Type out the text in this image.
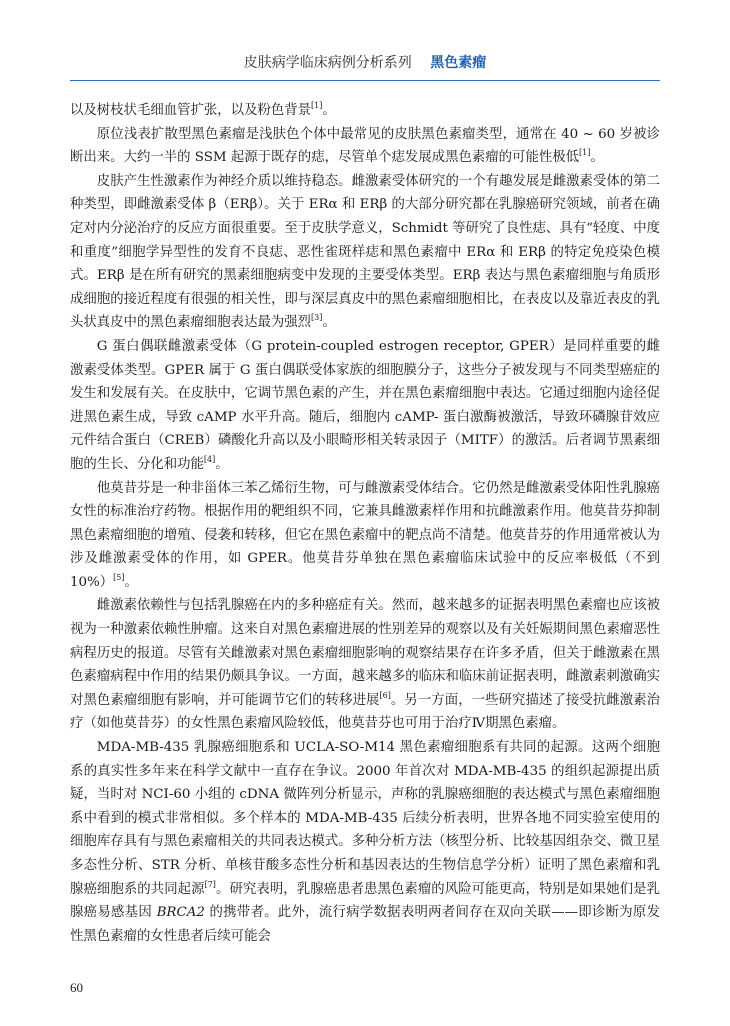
皮肤病学临床病例分析系列 黑色素瘤

以及树枝状毛细血管扩张，以及粉色背景[1]。

原位浅表扩散型黑色素瘤是浅肤色个体中最常见的皮肤黑色素瘤类型，通常在 40 ~ 60 岁被诊断出来。大约一半的 SSM 起源于既存的痣，尽管单个痣发展成黑色素瘤的可能性极低[1]。

皮肤产生性激素作为神经介质以维持稳态。雌激素受体研究的一个有趣发展是雌激素受体的第二种类型，即雌激素受体 β（ERβ）。关于 ERα 和 ERβ 的大部分研究都在乳腺癌研究领域，前者在确定对内分泌治疗的反应方面很重要。至于皮肤学意义，Schmidt 等研究了良性痣、具有“轻度、中度和重度”细胞学异型性的发育不良痣、恶性雀斑样痣和黑色素瘤中 ERα 和 ERβ 的特定免疫染色模式。ERβ 是在所有研究的黑素细胞病变中发现的主要受体类型。ERβ 表达与黑色素瘤细胞与角质形成细胞的接近程度有很强的相关性，即与深层真皮中的黑色素瘤细胞相比，在表皮以及靠近表皮的乳头状真皮中的黑色素瘤细胞表达最为强烈[3]。

G 蛋白偶联雌激素受体（G protein-coupled estrogen receptor, GPER）是同样重要的雌激素受体类型。GPER 属于 G 蛋白偶联受体家族的细胞膜分子，这些分子被发现与不同类型癌症的发生和发展有关。在皮肤中，它调节黑色素的产生，并在黑色素瘤细胞中表达。它通过细胞内途径促进黑色素生成，导致 cAMP 水平升高。随后，细胞内 cAMP- 蛋白激酶被激活，导致环磷腺苷效应元件结合蛋白（CREB）磷酸化升高以及小眼畸形相关转录因子（MITF）的激活。后者调节黑素细胞的生长、分化和功能[4]。

他莫昔芬是一种非甾体三苯乙烯衍生物，可与雌激素受体结合。它仍然是雌激素受体阳性乳腺癌女性的标准治疗药物。根据作用的靶组织不同，它兼具雌激素样作用和抗雌激素作用。他莫昔芬抑制黑色素瘤细胞的增殖、侵袭和转移，但它在黑色素瘤中的靶点尚不清楚。他莫昔芬的作用通常被认为涉及雌激素受体的作用，如 GPER。他莫昔芬单独在黑色素瘤临床试验中的反应率极低（不到 10%）[5]。

雌激素依赖性与包括乳腺癌在内的多种癌症有关。然而，越来越多的证据表明黑色素瘤也应该被视为一种激素依赖性肿瘤。这来自对黑色素瘤进展的性别差异的观察以及有关妊娠期间黑色素瘤恶性病程历史的报道。尽管有关雌激素对黑色素瘤细胞影响的观察结果存在许多矛盾，但关于雌激素在黑色素瘤病程中作用的结果仍颇具争议。一方面，越来越多的临床和临床前证据表明，雌激素刺激确实对黑色素瘤细胞有影响，并可能调节它们的转移进展[6]。另一方面，一些研究描述了接受抗雌激素治疗（如他莫昔芬）的女性黑色素瘤风险较低，他莫昔芬也可用于治疗Ⅳ期黑色素瘤。

MDA-MB-435 乳腺癌细胞系和 UCLA-SO-M14 黑色素瘤细胞系有共同的起源。这两个细胞系的真实性多年来在科学文献中一直存在争议。2000 年首次对 MDA-MB-435 的组织起源提出质疑，当时对 NCI-60 小组的 cDNA 微阵列分析显示，声称的乳腺癌细胞的表达模式与黑色素瘤细胞系中看到的模式非常相似。多个样本的 MDA-MB-435 后续分析表明，世界各地不同实验室使用的细胞库存具有与黑色素瘤相关的共同表达模式。多种分析方法（核型分析、比较基因组杂交、微卫星多态性分析、STR 分析、单核苷酸多态性分析和基因表达的生物信息学分析）证明了黑色素瘤和乳腺癌细胞系的共同起源[7]。研究表明，乳腺癌患者患黑色素瘤的风险可能更高，特别是如果她们是乳腺癌易感基因 BRCA2 的携带者。此外，流行病学数据表明两者间存在双向关联——即诊断为原发性黑色素瘤的女性患者后续可能会

60
